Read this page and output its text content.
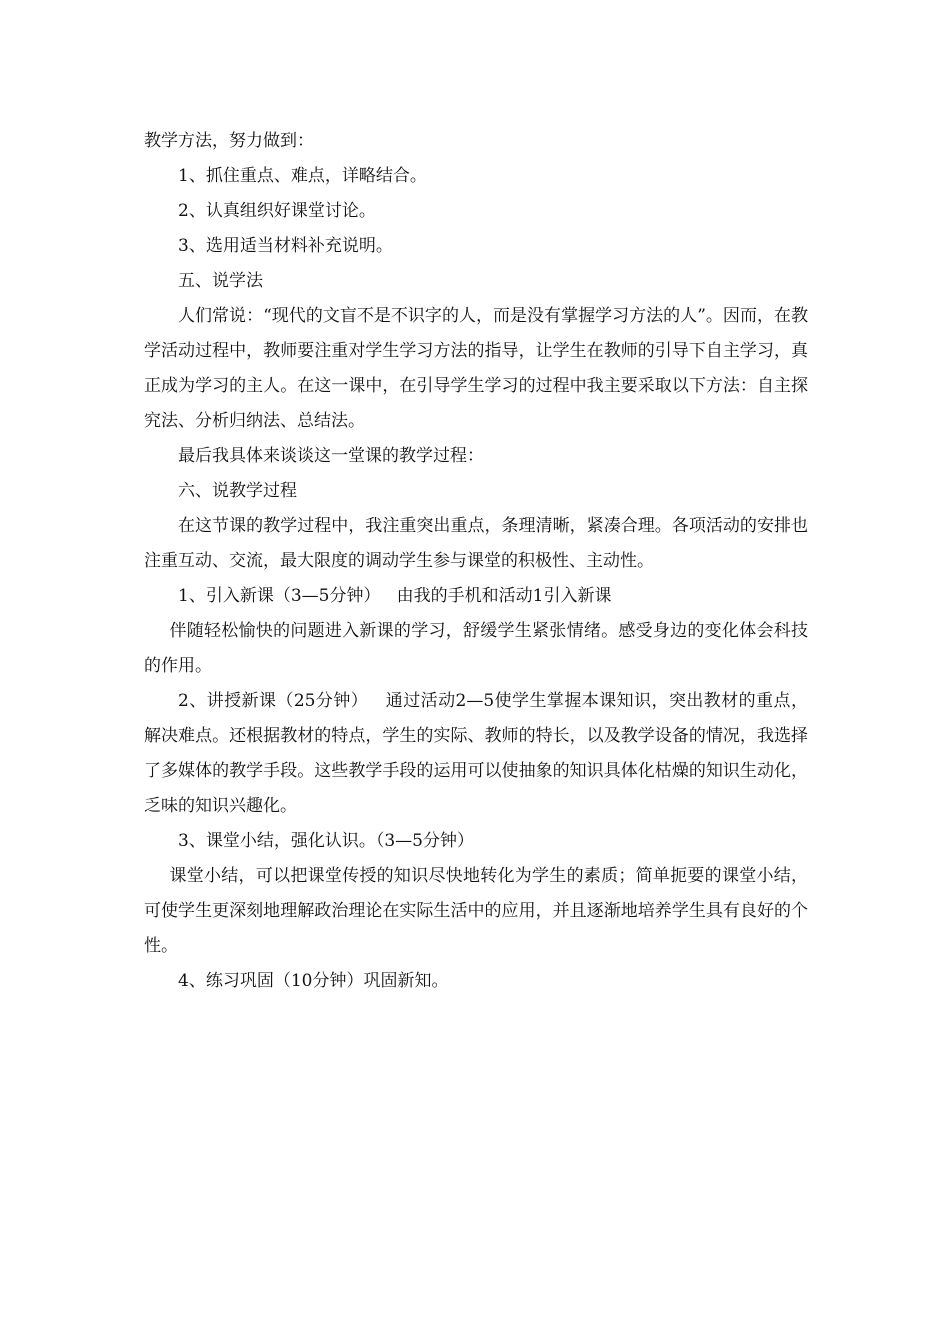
教学方法，努力做到：

1、抓住重点、难点，详略结合。

2、认真组织好课堂讨论。

3、选用适当材料补充说明。

五、说学法

人们常说：“现代的文盲不是不识字的人，而是没有掌握学习方法的人”。因而，在教学活动过程中，教师要注重对学生学习方法的指导，让学生在教师的引导下自主学习，真正成为学习的主人。在这一课中，在引导学生学习的过程中我主要采取以下方法：自主探究法、分析归纳法、总结法。

最后我具体来谈谈这一堂课的教学过程：

六、说教学过程

在这节课的教学过程中，我注重突出重点，条理清晰，紧凑合理。各项活动的安排也注重互动、交流，最大限度的调动学生参与课堂的积极性、主动性。

1、引入新课（3—5分钟）   由我的手机和活动1引入新课

伴随轻松愉快的问题进入新课的学习，舒缓学生紧张情绪。感受身边的变化体会科技的作用。

2、讲授新课（25分钟）   通过活动2—5使学生掌握本课知识，突出教材的重点，解决难点。还根据教材的特点，学生的实际、教师的特长，以及教学设备的情况，我选择了多媒体的教学手段。这些教学手段的运用可以使抽象的知识具体化枯燥的知识生动化，乏味的知识兴趣化。

3、课堂小结，强化认识。（3—5分钟）

课堂小结，可以把课堂传授的知识尽快地转化为学生的素质；简单扼要的课堂小结，可使学生更深刻地理解政治理论在实际生活中的应用，并且逐渐地培养学生具有良好的个性。

4、练习巩固（10分钟）巩固新知。
